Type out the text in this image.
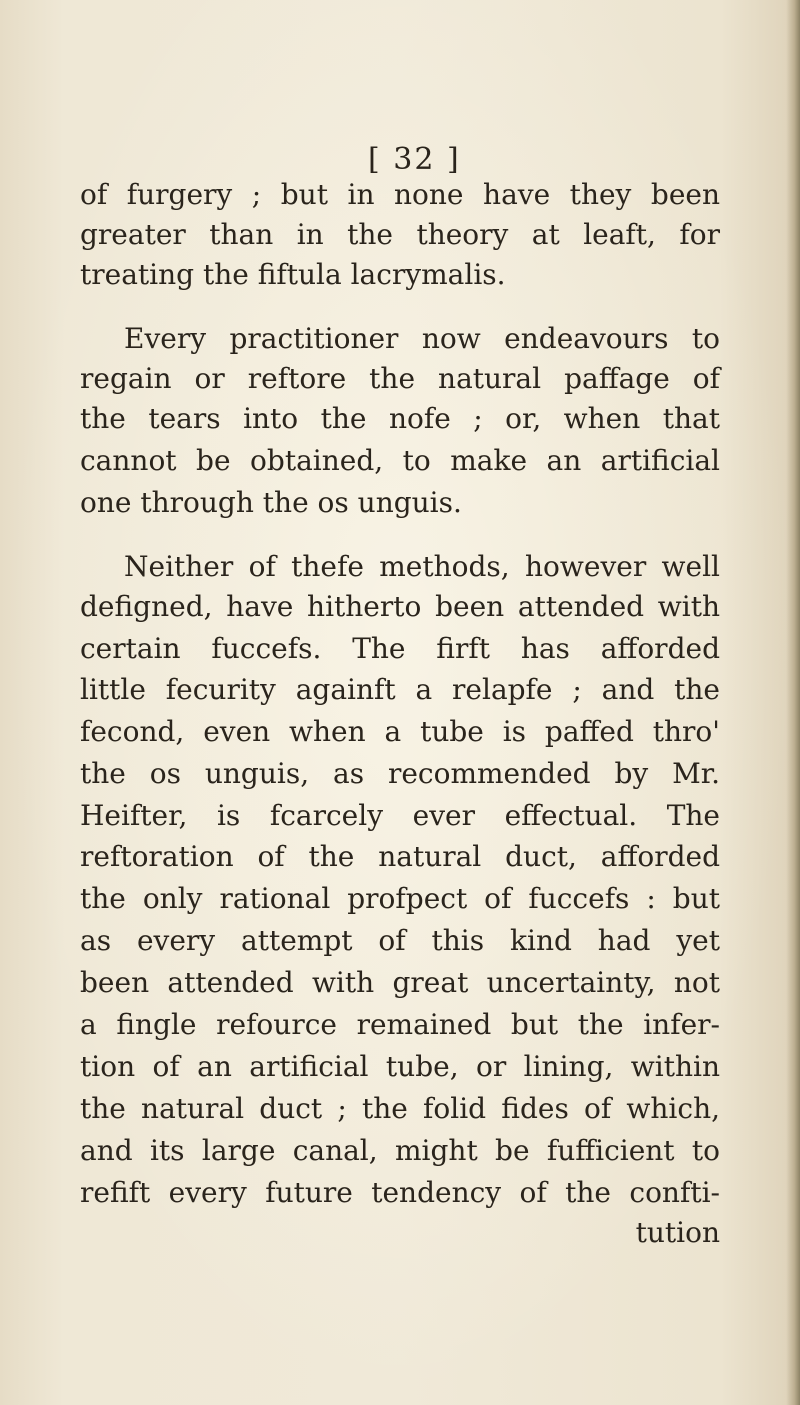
[ 32 ]
of furgery ; but in none have they been
greater than in the theory at leaft, for
treating the fiftula lacrymalis.
Every practitioner now endeavours to
regain or reftore the natural paffage of
the tears into the nofe ; or, when that
cannot be obtained, to make an artificial
one through the os unguis.
Neither of thefe methods, however well
defigned, have hitherto been attended with
certain fuccefs. The firft has afforded
little fecurity againft a relapfe ; and the
fecond, even when a tube is paffed thro'
the os unguis, as recommended by Mr.
Heifter, is fcarcely ever effectual. The
reftoration of the natural duct, afforded
the only rational profpect of fuccefs : but
as every attempt of this kind had yet
been attended with great uncertainty, not
a fingle refource remained but the infer-
tion of an artificial tube, or lining, within
the natural duct ; the folid fides of which,
and its large canal, might be fufficient to
refift every future tendency of the confti-
tution
